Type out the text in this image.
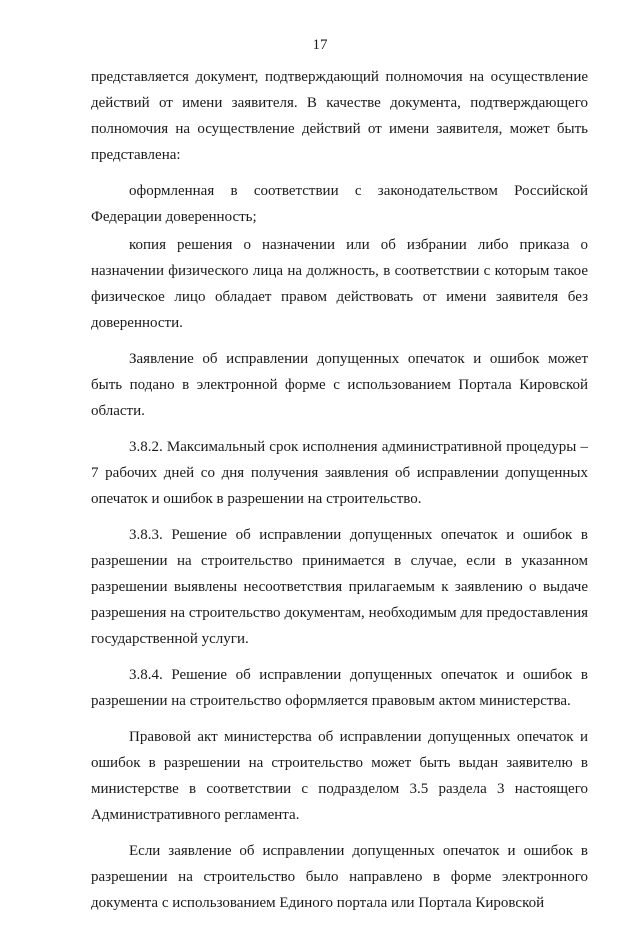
17

представляется документ, подтверждающий полномочия на осуществление действий от имени заявителя. В качестве документа, подтверждающего полномочия на осуществление действий от имени заявителя, может быть представлена:

оформленная в соответствии с законодательством Российской Федерации доверенность;

копия решения о назначении или об избрании либо приказа о назначении физического лица на должность, в соответствии с которым такое физическое лицо обладает правом действовать от имени заявителя без доверенности.

Заявление об исправлении допущенных опечаток и ошибок может быть подано в электронной форме с использованием Портала Кировской области.

3.8.2. Максимальный срок исполнения административной процедуры – 7 рабочих дней со дня получения заявления об исправлении допущенных опечаток и ошибок в разрешении на строительство.

3.8.3. Решение об исправлении допущенных опечаток и ошибок в разрешении на строительство принимается в случае, если в указанном разрешении выявлены несоответствия прилагаемым к заявлению о выдаче разрешения на строительство документам, необходимым для предоставления государственной услуги.

3.8.4. Решение об исправлении допущенных опечаток и ошибок в разрешении на строительство оформляется правовым актом министерства.

Правовой акт министерства об исправлении допущенных опечаток и ошибок в разрешении на строительство может быть выдан заявителю в министерстве в соответствии с подразделом 3.5 раздела 3 настоящего Административного регламента.

Если заявление об исправлении допущенных опечаток и ошибок в разрешении на строительство было направлено в форме электронного документа с использованием Единого портала или Портала Кировской
